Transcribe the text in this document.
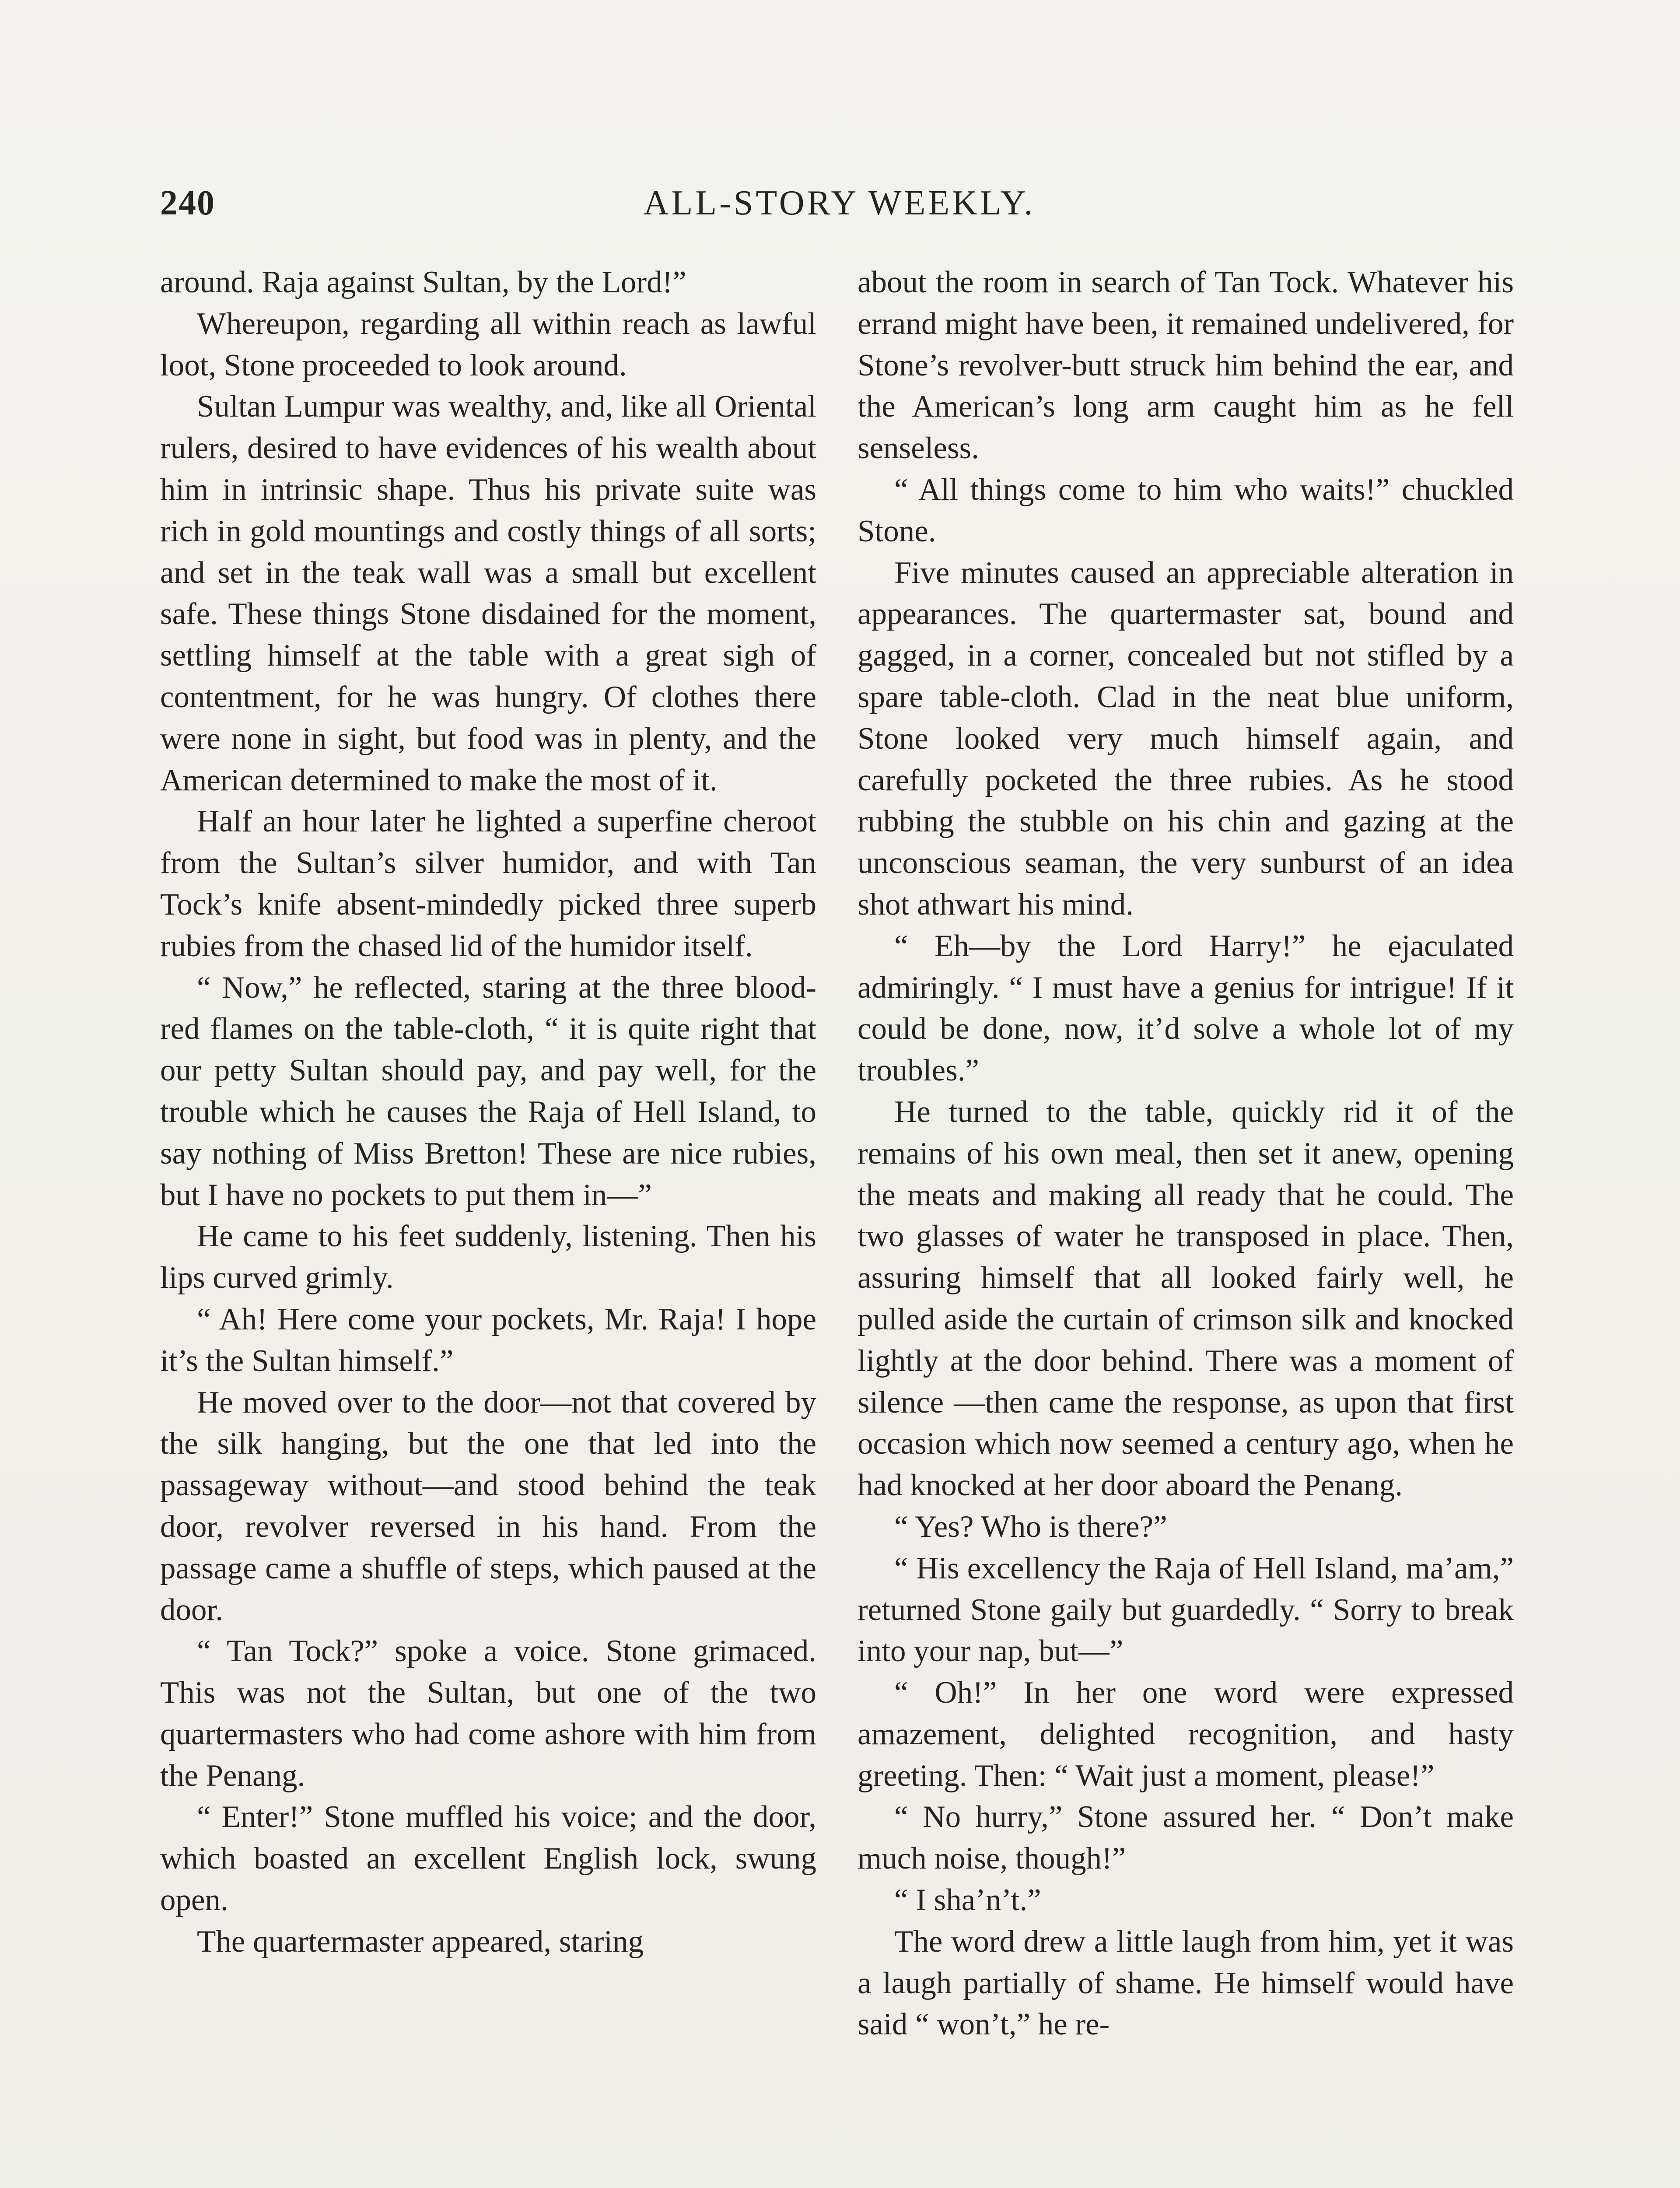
240	ALL-STORY WEEKLY.

around. Raja against Sultan, by the Lord!”

Whereupon, regarding all within reach as lawful loot, Stone proceeded to look around.

Sultan Lumpur was wealthy, and, like all Oriental rulers, desired to have evidences of his wealth about him in intrinsic shape. Thus his private suite was rich in gold mountings and costly things of all sorts; and set in the teak wall was a small but excellent safe. These things Stone disdained for the moment, settling himself at the table with a great sigh of contentment, for he was hungry. Of clothes there were none in sight, but food was in plenty, and the American determined to make the most of it.

Half an hour later he lighted a superfine cheroot from the Sultan’s silver humidor, and with Tan Tock’s knife absent-mindedly picked three superb rubies from the chased lid of the humidor itself.

“ Now,” he reflected, staring at the three blood-red flames on the table-cloth, “ it is quite right that our petty Sultan should pay, and pay well, for the trouble which he causes the Raja of Hell Island, to say nothing of Miss Bretton! These are nice rubies, but I have no pockets to put them in—”

He came to his feet suddenly, listening. Then his lips curved grimly.

“ Ah! Here come your pockets, Mr. Raja! I hope it’s the Sultan himself.”

He moved over to the door—not that covered by the silk hanging, but the one that led into the passageway without—and stood behind the teak door, revolver reversed in his hand. From the passage came a shuffle of steps, which paused at the door.

“ Tan Tock?” spoke a voice. Stone grimaced. This was not the Sultan, but one of the two quartermasters who had come ashore with him from the Penang.

“ Enter!” Stone muffled his voice; and the door, which boasted an excellent English lock, swung open.

The quartermaster appeared, staring

about the room in search of Tan Tock. Whatever his errand might have been, it remained undelivered, for Stone’s revolver-butt struck him behind the ear, and the American’s long arm caught him as he fell senseless.

“ All things come to him who waits!” chuckled Stone.

Five minutes caused an appreciable alteration in appearances. The quartermaster sat, bound and gagged, in a corner, concealed but not stifled by a spare table-cloth. Clad in the neat blue uniform, Stone looked very much himself again, and carefully pocketed the three rubies. As he stood rubbing the stubble on his chin and gazing at the unconscious seaman, the very sunburst of an idea shot athwart his mind.

“ Eh—by the Lord Harry!” he ejaculated admiringly. “ I must have a genius for intrigue! If it could be done, now, it’d solve a whole lot of my troubles.”

He turned to the table, quickly rid it of the remains of his own meal, then set it anew, opening the meats and making all ready that he could. The two glasses of water he transposed in place. Then, assuring himself that all looked fairly well, he pulled aside the curtain of crimson silk and knocked lightly at the door behind. There was a moment of silence —then came the response, as upon that first occasion which now seemed a century ago, when he had knocked at her door aboard the Penang.

“ Yes? Who is there?”

“ His excellency the Raja of Hell Island, ma’am,” returned Stone gaily but guardedly. “ Sorry to break into your nap, but—”

“ Oh!” In her one word were expressed amazement, delighted recognition, and hasty greeting. Then: “ Wait just a moment, please!”

“ No hurry,” Stone assured her. “ Don’t make much noise, though!”

“ I sha’n’t.”

The word drew a little laugh from him, yet it was a laugh partially of shame. He himself would have said “ won’t,” he re-
